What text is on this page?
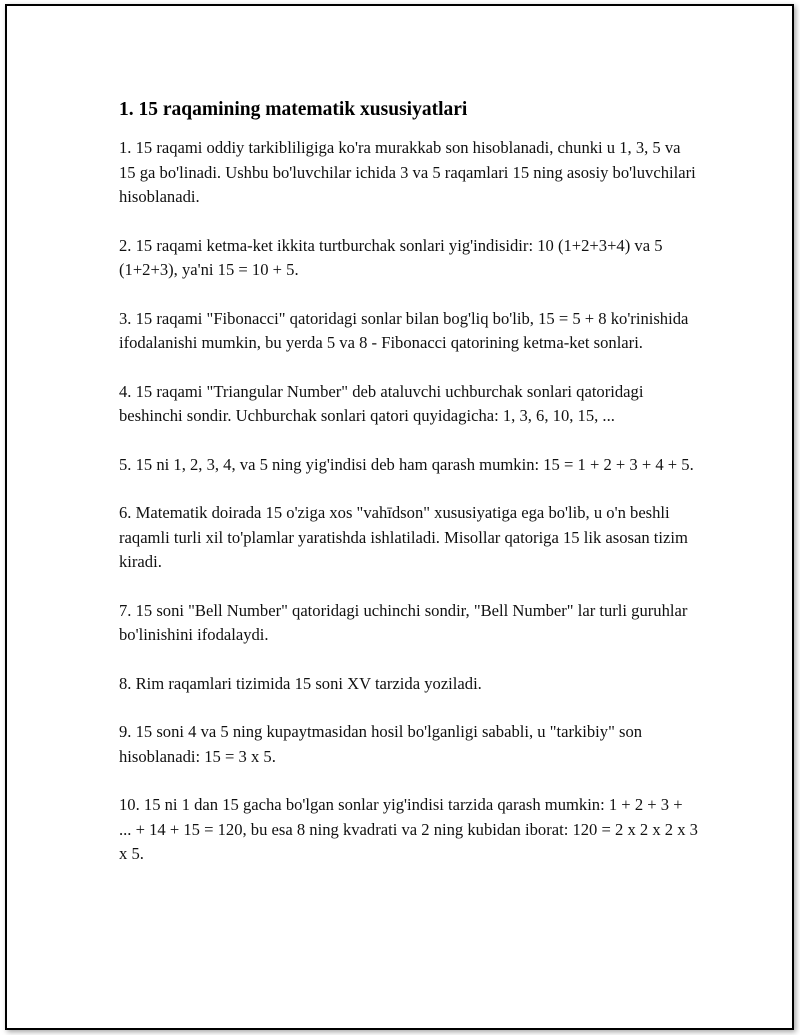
1. 15 raqamining matematik xususiyatlari

1. 15 raqami oddiy tarkibliligiga ko'ra murakkab son hisoblanadi, chunki u 1, 3, 5 va 15 ga bo'linadi. Ushbu bo'luvchilar ichida 3 va 5 raqamlari 15 ning asosiy bo'luvchilari hisoblanadi.

2. 15 raqami ketma-ket ikkita turtburchak sonlari yig'indisidir: 10 (1+2+3+4) va 5 (1+2+3), ya'ni 15 = 10 + 5.

3. 15 raqami "Fibonacci" qatoridagi sonlar bilan bog'liq bo'lib, 15 = 5 + 8 ko'rinishida ifodalanishi mumkin, bu yerda 5 va 8 - Fibonacci qatorining ketma-ket sonlari.

4. 15 raqami "Triangular Number" deb ataluvchi uchburchak sonlari qatoridagi beshinchi sondir. Uchburchak sonlari qatori quyidagicha: 1, 3, 6, 10, 15, ...

5. 15 ni 1, 2, 3, 4, va 5 ning yig'indisi deb ham qarash mumkin: 15 = 1 + 2 + 3 + 4 + 5.

6. Matematik doirada 15 o'ziga xos "vahīdson" xususiyatiga ega bo'lib, u o'n beshli raqamli turli xil to'plamlar yaratishda ishlatiladi. Misollar qatoriga 15 lik asosan tizim kiradi.

7. 15 soni "Bell Number" qatoridagi uchinchi sondir, "Bell Number" lar turli guruhlar bo'linishini ifodalaydi.

8. Rim raqamlari tizimida 15 soni XV tarzida yoziladi.

9. 15 soni 4 va 5 ning kupaytmasidan hosil bo'lganligi sababli, u "tarkibiy" son hisoblanadi: 15 = 3 x 5.

10. 15 ni 1 dan 15 gacha bo'lgan sonlar yig'indisi tarzida qarash mumkin: 1 + 2 + 3 + ... + 14 + 15 = 120, bu esa 8 ning kvadrati va 2 ning kubidan iborat: 120 = 2 x 2 x 2 x 3 x 5.
